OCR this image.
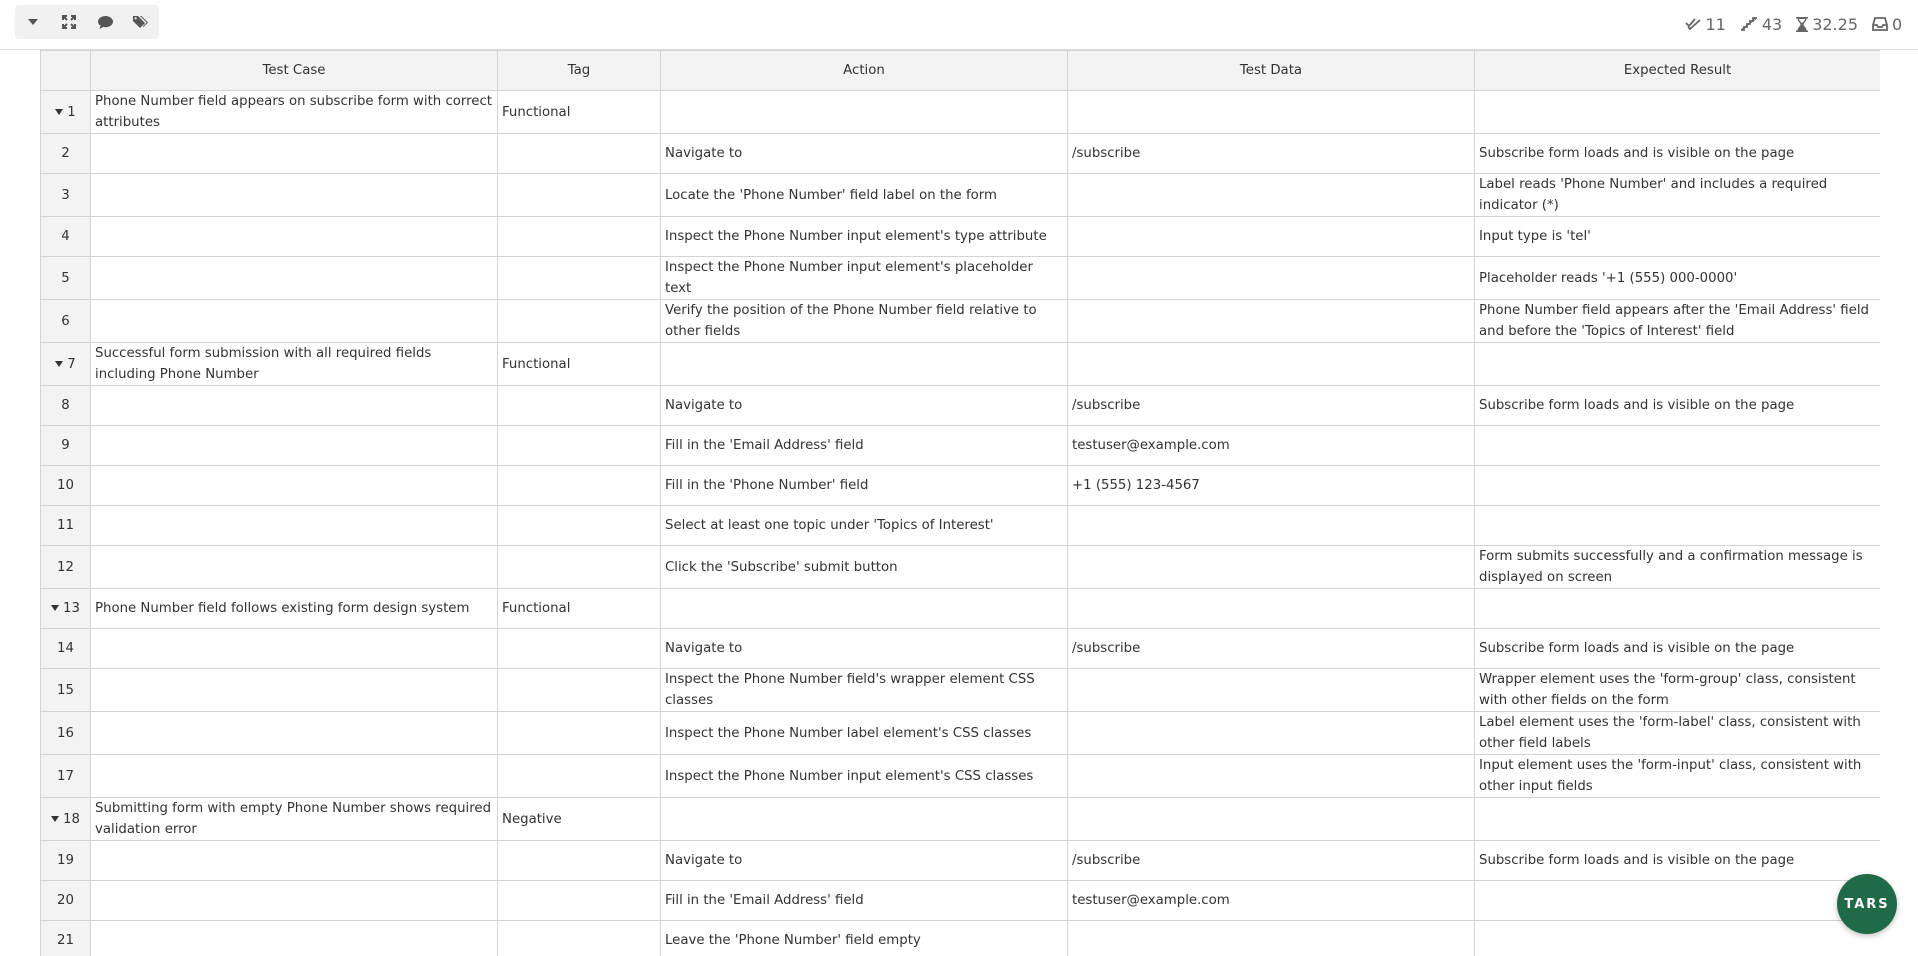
11 43 32.25 0
	Test Case	Tag	Action	Test Data	Expected Result
1	Phone Number field appears on subscribe form with correct attributes	Functional			
2			Navigate to	/subscribe	Subscribe form loads and is visible on the page
3			Locate the 'Phone Number' field label on the form		Label reads 'Phone Number' and includes a required indicator (*)
4			Inspect the Phone Number input element's type attribute		Input type is 'tel'
5			Inspect the Phone Number input element's placeholder text		Placeholder reads '+1 (555) 000-0000'
6			Verify the position of the Phone Number field relative to other fields		Phone Number field appears after the 'Email Address' field and before the 'Topics of Interest' field
7	Successful form submission with all required fields including Phone Number	Functional			
8			Navigate to	/subscribe	Subscribe form loads and is visible on the page
9			Fill in the 'Email Address' field	testuser@example.com	
10			Fill in the 'Phone Number' field	+1 (555) 123-4567	
11			Select at least one topic under 'Topics of Interest'		
12			Click the 'Subscribe' submit button		Form submits successfully and a confirmation message is displayed on screen
13	Phone Number field follows existing form design system	Functional			
14			Navigate to	/subscribe	Subscribe form loads and is visible on the page
15			Inspect the Phone Number field's wrapper element CSS classes		Wrapper element uses the 'form-group' class, consistent with other fields on the form
16			Inspect the Phone Number label element's CSS classes		Label element uses the 'form-label' class, consistent with other field labels
17			Inspect the Phone Number input element's CSS classes		Input element uses the 'form-input' class, consistent with other input fields
18	Submitting form with empty Phone Number shows required validation error	Negative			
19			Navigate to	/subscribe	Subscribe form loads and is visible on the page
20			Fill in the 'Email Address' field	testuser@example.com	
21			Leave the 'Phone Number' field empty		
TARS
